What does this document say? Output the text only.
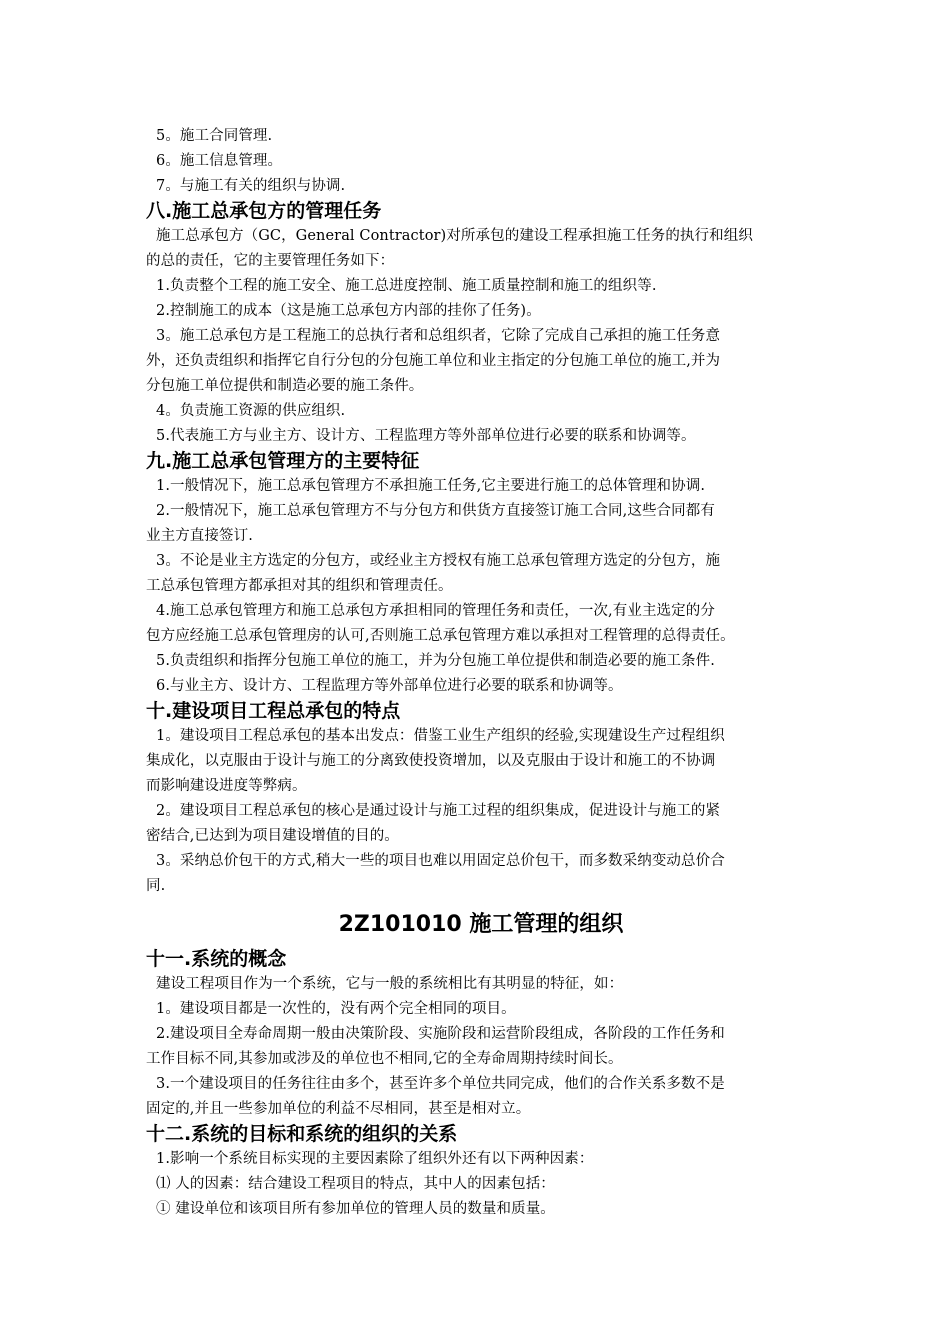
5。施工合同管理.
6。施工信息管理。
7。与施工有关的组织与协调.
八.施工总承包方的管理任务
施工总承包方（GC，General Contractor)对所承包的建设工程承担施工任务的执行和组织
的总的责任，它的主要管理任务如下：
1.负责整个工程的施工安全、施工总进度控制、施工质量控制和施工的组织等.
2.控制施工的成本（这是施工总承包方内部的挂你了任务)。
3。施工总承包方是工程施工的总执行者和总组织者，它除了完成自己承担的施工任务意
外，还负责组织和指挥它自行分包的分包施工单位和业主指定的分包施工单位的施工,并为
分包施工单位提供和制造必要的施工条件。
4。负责施工资源的供应组织.
5.代表施工方与业主方、设计方、工程监理方等外部单位进行必要的联系和协调等。
九.施工总承包管理方的主要特征
1.一般情况下，施工总承包管理方不承担施工任务,它主要进行施工的总体管理和协调.
2.一般情况下，施工总承包管理方不与分包方和供货方直接签订施工合同,这些合同都有
业主方直接签订.
3。不论是业主方选定的分包方，或经业主方授权有施工总承包管理方选定的分包方，施
工总承包管理方都承担对其的组织和管理责任。
4.施工总承包管理方和施工总承包方承担相同的管理任务和责任，一次,有业主选定的分
包方应经施工总承包管理房的认可,否则施工总承包管理方难以承担对工程管理的总得责任。
5.负责组织和指挥分包施工单位的施工，并为分包施工单位提供和制造必要的施工条件.
6.与业主方、设计方、工程监理方等外部单位进行必要的联系和协调等。
十.建设项目工程总承包的特点
1。建设项目工程总承包的基本出发点：借鉴工业生产组织的经验,实现建设生产过程组织
集成化，以克服由于设计与施工的分离致使投资增加，以及克服由于设计和施工的不协调
而影响建设进度等弊病。
2。建设项目工程总承包的核心是通过设计与施工过程的组织集成，促进设计与施工的紧
密结合,已达到为项目建设增值的目的。
3。采纳总价包干的方式,稍大一些的项目也难以用固定总价包干，而多数采纳变动总价合
同.
2Z101010 施工管理的组织
十一.系统的概念
建设工程项目作为一个系统，它与一般的系统相比有其明显的特征，如：
1。建设项目都是一次性的，没有两个完全相同的项目。
2.建设项目全寿命周期一般由决策阶段、实施阶段和运营阶段组成，各阶段的工作任务和
工作目标不同,其参加或涉及的单位也不相同,它的全寿命周期持续时间长。
3.一个建设项目的任务往往由多个，甚至许多个单位共同完成，他们的合作关系多数不是
固定的,并且一些参加单位的利益不尽相同，甚至是相对立。
十二.系统的目标和系统的组织的关系
1.影响一个系统目标实现的主要因素除了组织外还有以下两种因素：
⑴ 人的因素：结合建设工程项目的特点，其中人的因素包括：
① 建设单位和该项目所有参加单位的管理人员的数量和质量。
